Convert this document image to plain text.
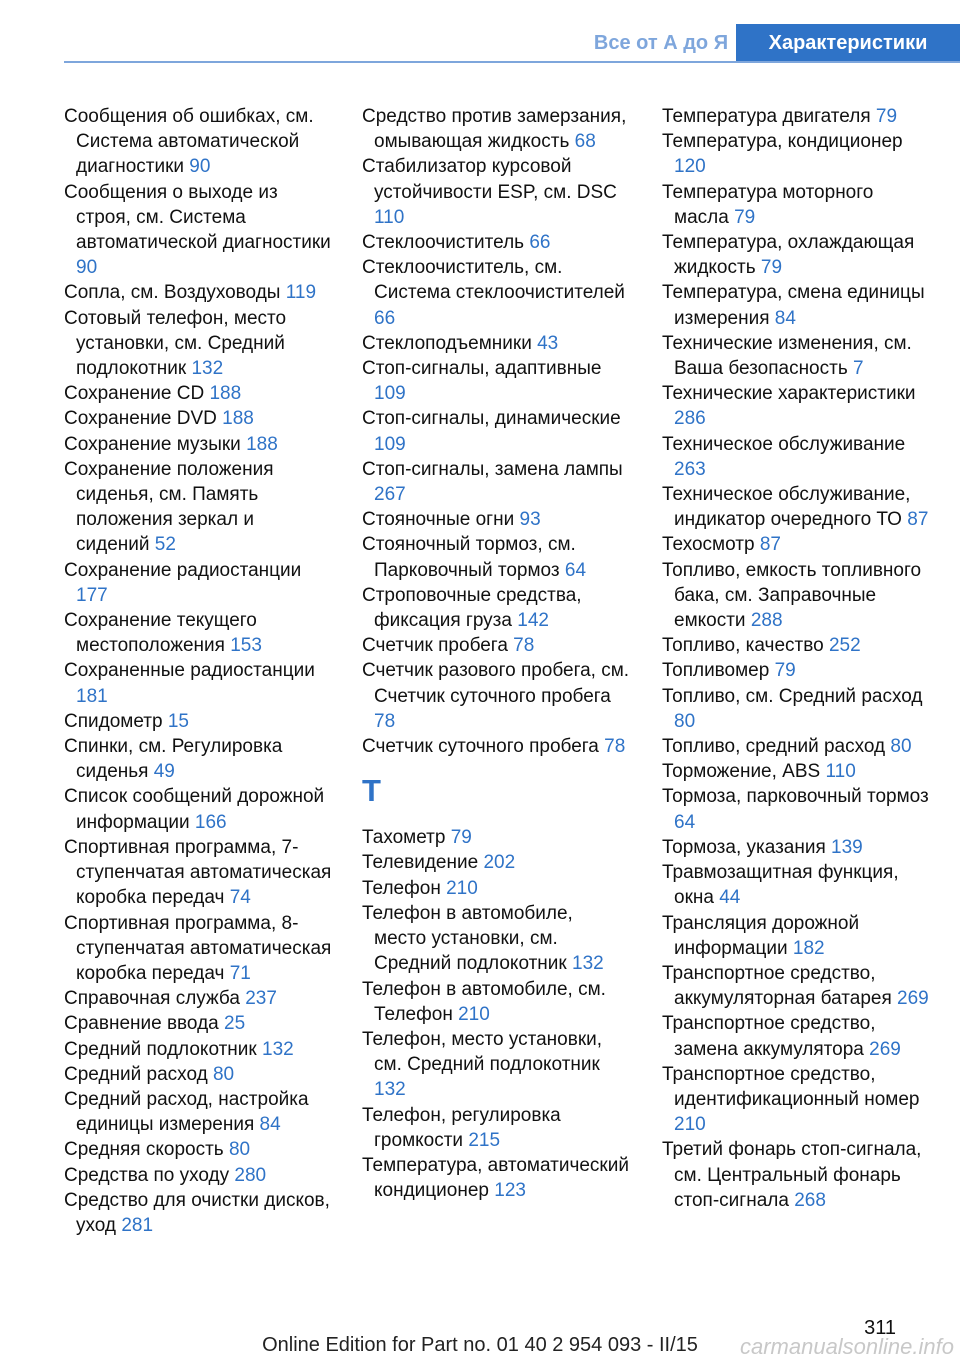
Все от А до Я	Характеристики
Сообщения об ошибках, см. Система автоматической диагностики 90
Сообщения о выходе из строя, см. Система автоматической диагностики 90
Сопла, см. Воздуховоды 119
Сотовый телефон, место установки, см. Средний подлокотник 132
Сохранение CD 188
Сохранение DVD 188
Сохранение музыки 188
Сохранение положения сиденья, см. Память положения зеркал и сидений 52
Сохранение радиостанции 177
Сохранение текущего местоположения 153
Сохраненные радиостанции 181
Спидометр 15
Спинки, см. Регулировка сиденья 49
Список сообщений дорожной информации 166
Спортивная программа, 7-ступенчатая автоматическая коробка передач 74
Спортивная программа, 8-ступенчатая автоматическая коробка передач 71
Справочная служба 237
Сравнение ввода 25
Средний подлокотник 132
Средний расход 80
Средний расход, настройка единицы измерения 84
Средняя скорость 80
Средства по уходу 280
Средство для очистки дисков, уход 281
Средство против замерзания, омывающая жидкость 68
Стабилизатор курсовой устойчивости ESP, см. DSC 110
Стеклоочиститель 66
Стеклоочиститель, см. Система стеклоочистителей 66
Стеклоподъемники 43
Стоп-сигналы, адаптивные 109
Стоп-сигналы, динамические 109
Стоп-сигналы, замена лампы 267
Стояночные огни 93
Стояночный тормоз, см. Парковочный тормоз 64
Строповочные средства, фиксация груза 142
Счетчик пробега 78
Счетчик разового пробега, см. Счетчик суточного пробега 78
Счетчик суточного пробега 78
Т
Тахометр 79
Телевидение 202
Телефон 210
Телефон в автомобиле, место установки, см. Средний подлокотник 132
Телефон в автомобиле, см. Телефон 210
Телефон, место установки, см. Средний подлокотник 132
Телефон, регулировка громкости 215
Температура, автоматический кондиционер 123
Температура двигателя 79
Температура, кондиционер 120
Температура моторного масла 79
Температура, охлаждающая жидкость 79
Температура, смена единицы измерения 84
Технические изменения, см. Ваша безопасность 7
Технические характеристики 286
Техническое обслуживание 263
Техническое обслуживание, индикатор очередного ТО 87
Техосмотр 87
Топливо, емкость топливного бака, см. Заправочные емкости 288
Топливо, качество 252
Топливомер 79
Топливо, см. Средний расход 80
Топливо, средний расход 80
Торможение, ABS 110
Тормоза, парковочный тормоз 64
Тормоза, указания 139
Травмозащитная функция, окна 44
Трансляция дорожной информации 182
Транспортное средство, аккумуляторная батарея 269
Транспортное средство, замена аккумулятора 269
Транспортное средство, идентификационный номер 210
Третий фонарь стоп-сигнала, см. Центральный фонарь стоп-сигнала 268
311
Online Edition for Part no. 01 40 2 954 093 - II/15	carmanualsonline.info
